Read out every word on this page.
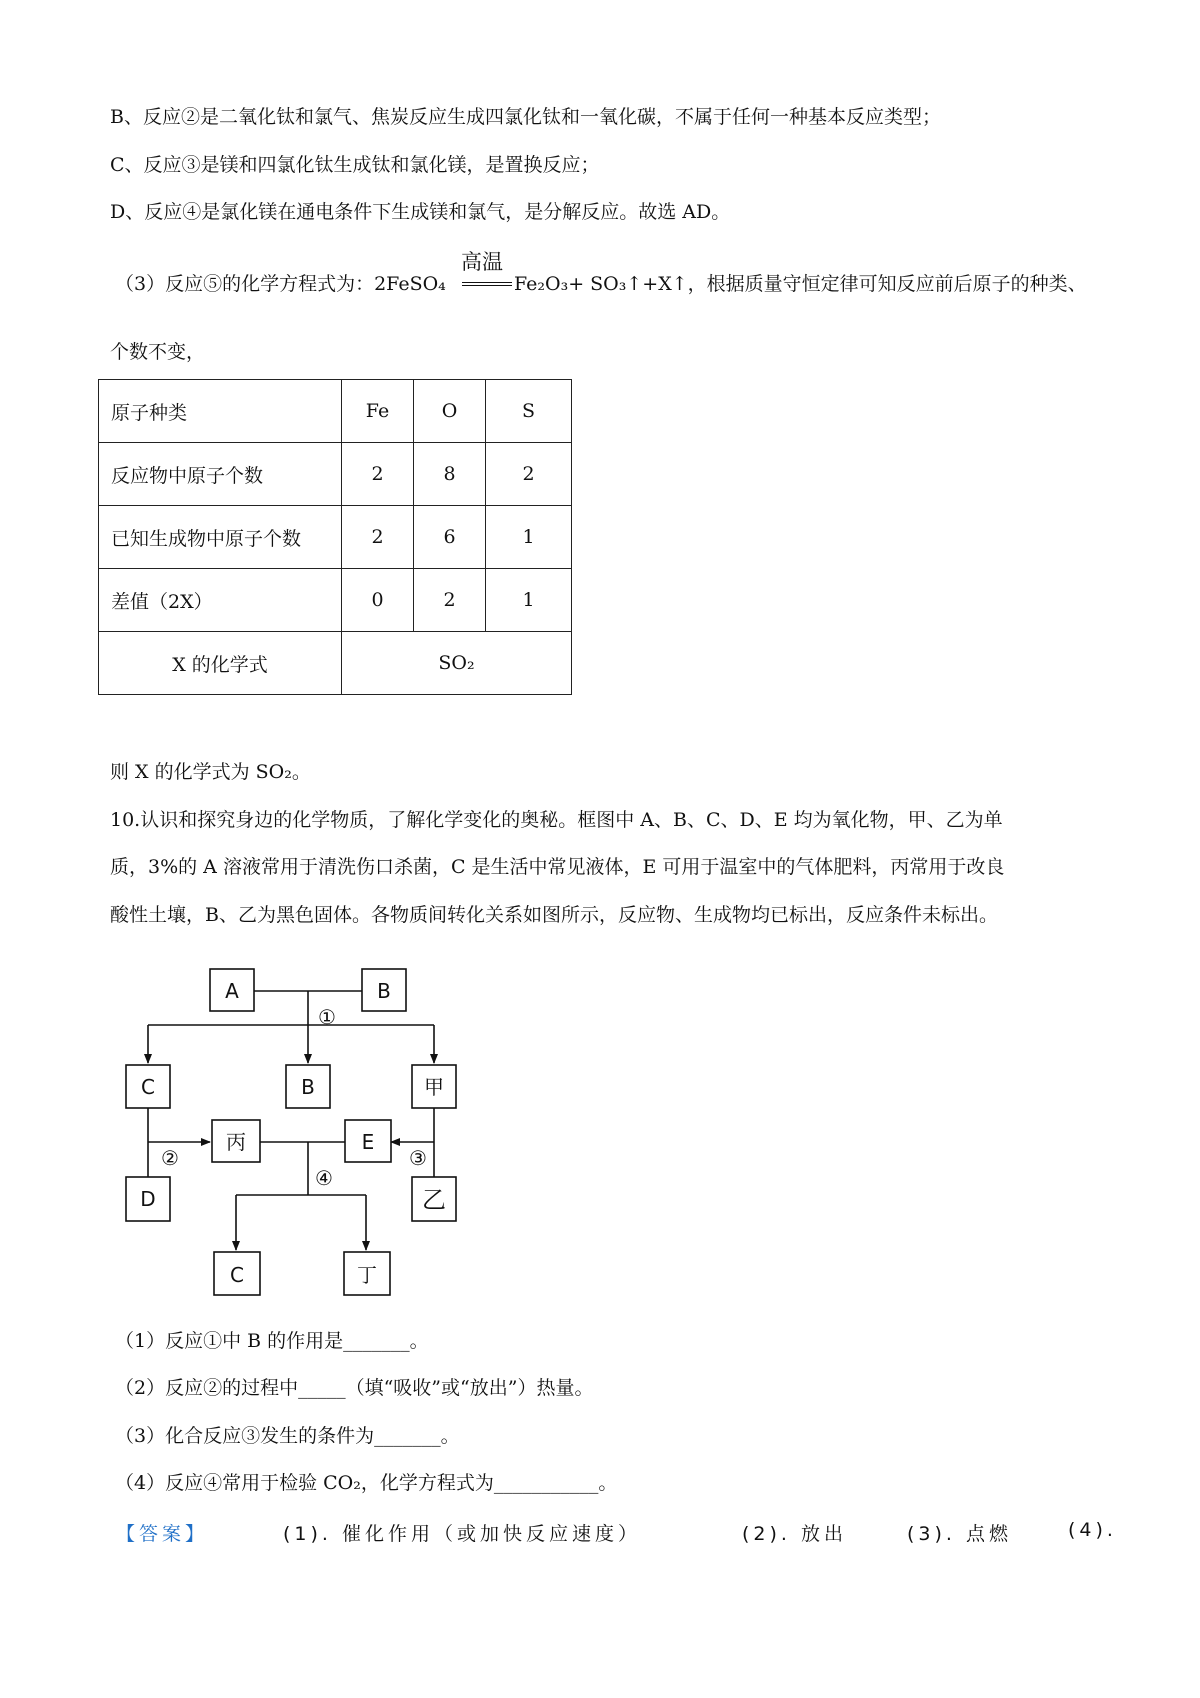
B、反应②是二氧化钛和氯气、焦炭反应生成四氯化钛和一氧化碳，不属于任何一种基本反应类型；
C、反应③是镁和四氯化钛生成钛和氯化镁，是置换反应；
D、反应④是氯化镁在通电条件下生成镁和氯气，是分解反应。故选 AD。
（3）反应⑤的化学方程式为：2FeSO₄
高温
Fe₂O₃+ SO₃↑+X↑，根据质量守恒定律可知反应前后原子的种类、
个数不变，
原子种类	Fe	O	S
反应物中原子个数	2	8	2
已知生成物中原子个数	2	6	1
差值（2X）	0	2	1
X 的化学式	SO₂		
则 X 的化学式为 SO₂。
10.认识和探究身边的化学物质，了解化学变化的奥秘。框图中 A、B、C、D、E 均为氧化物，甲、乙为单
质，3%的 A 溶液常用于清洗伤口杀菌，C 是生活中常见液体，E 可用于温室中的气体肥料，丙常用于改良
酸性土壤，B、乙为黑色固体。各物质间转化关系如图所示，反应物、生成物均已标出，反应条件未标出。
A	B
C	B	甲
丙	E
D	乙
C	丁
①
②	③
④
（1）反应①中 B 的作用是_______。
（2）反应②的过程中_____（填“吸收”或“放出”）热量。
（3）化合反应③发生的条件为_______。
（4）反应④常用于检验 CO₂，化学方程式为___________。
【答案】	(1). 催化作用（或加快反应速度）	(2). 放出	(3). 点燃	(4).
